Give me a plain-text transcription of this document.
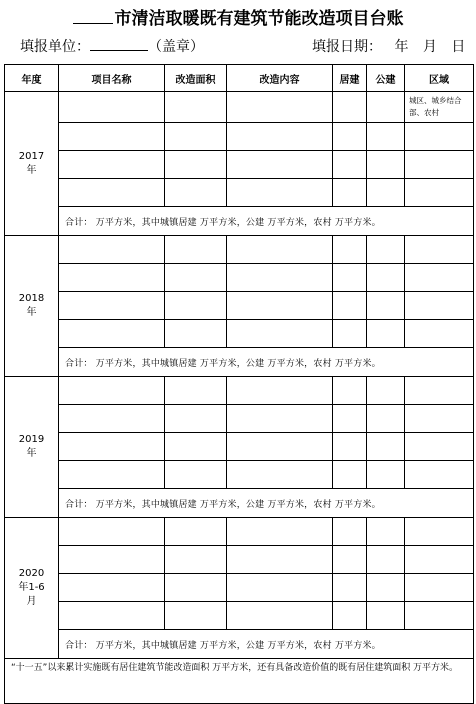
市清洁取暖既有建筑节能改造项目台账
填报单位：	（盖章）	填报日期： 年 月 日
年度	项目名称	改造面积	改造内容	居建	公建	区域
2017
年						城区、城乡结合部、农村

	合计： 万平方米，其中城镇居建 万平方米，公建 万平方米，农村 万平方米。					
2018
年

	合计： 万平方米，其中城镇居建 万平方米，公建 万平方米，农村 万平方米。					
2019
年

	合计： 万平方米，其中城镇居建 万平方米，公建 万平方米，农村 万平方米。					
2020
年1-6
月						

	合计： 万平方米，其中城镇居建 万平方米，公建 万平方米，农村 万平方米。					
“十一五”以来累计实施既有居住建筑节能改造面积 万平方米，还有具备改造价值的既有居住建筑面积 万平方米。						
